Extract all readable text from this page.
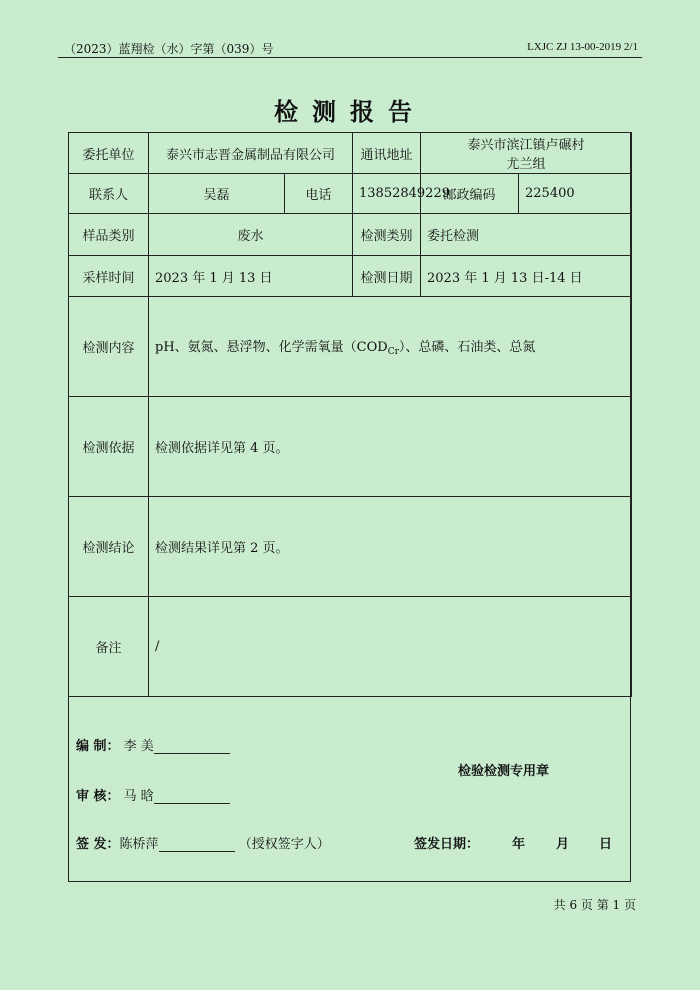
（2023）蓝翔检（水）字第（039）号	LXJC ZJ 13-00-2019 2/1
检测报告
委托单位	泰兴市志晋金属制品有限公司		通讯地址	泰兴市滨江镇卢碾村
尤兰组	

联系人	吴磊	电话	13852849229	邮政编码	225400
样品类别	废水		检测类别	委托检测	
采样时间	2023 年 1 月 13 日		检测日期	2023 年 1 月 13 日-14 日	
检测内容	pH、氨氮、悬浮物、化学需氧量$(COD_{Cr})$、总磷、石油类、总氮				
检测依据	检测依据详见第 4 页。				
检测结论	检测结果详见第 2 页。				
备注	/				
编 制： 李 美
检验检测专用章
审 核： 马 晗
签 发：陈桥萍	（授权签字人）	签发日期：	年 月 日
共 6 页 第 1 页
